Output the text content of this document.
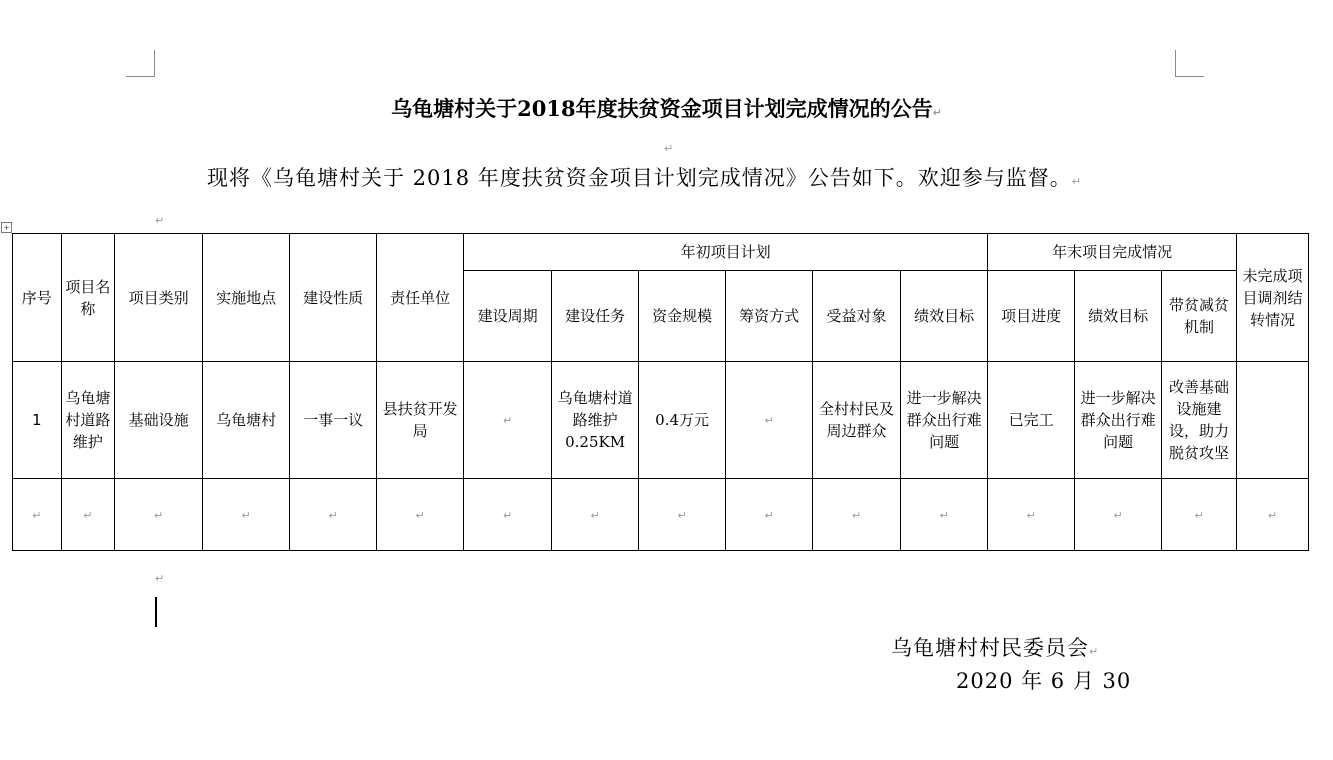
乌龟塘村关于2018年度扶贫资金项目计划完成情况的公告↵
↵
现将《乌龟塘村关于 2018 年度扶贫资金项目计划完成情况》公告如下。欢迎参与监督。↵
↵
+
序号	项目名称	项目类别	实施地点	建设性质	责任单位	年初项目计划						年末项目完成情况			未完成项目调剂结转情况
						建设周期	建设任务	资金规模	筹资方式	受益对象	绩效目标	项目进度	绩效目标	带贫减贫机制	
1	乌龟塘村道路维护	基础设施	乌龟塘村	一事一议	县扶贫开发局	↵	乌龟塘村道路维护0.25KM	0.4万元	↵	全村村民及周边群众	进一步解决群众出行难问题	已完工	进一步解决群众出行难问题	改善基础设施建设，助力脱贫攻坚	
↵	↵	↵	↵	↵	↵	↵	↵	↵	↵	↵	↵	↵	↵	↵	↵
↵
乌龟塘村村民委员会↵
2020 年 6 月 30
